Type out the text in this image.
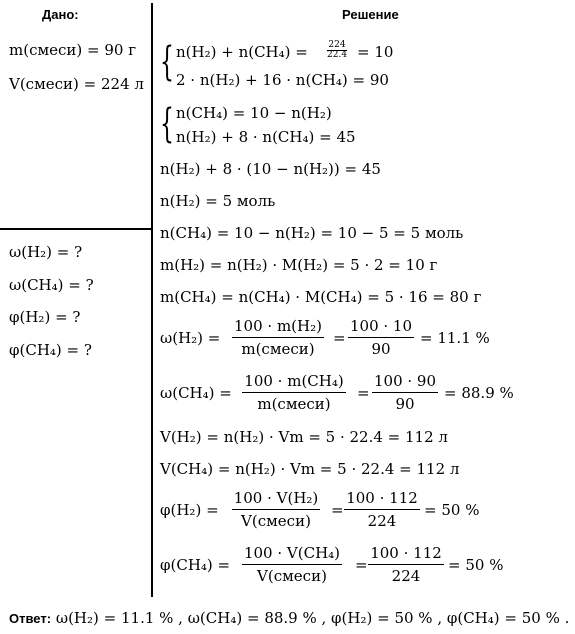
Дано:	Решение
m(смеси) = 90 г
V(смеси) = 224 л
ω(H₂) = ?
ω(CH₄) = ?
φ(H₂) = ?
φ(CH₄) = ?
{ $n(H_2) + n(CH_4) = \frac{224}{22.4} = 10$
2 · n(H₂) + 16 · n(CH₄) = 90
{ n(CH₄) = 10 − n(H₂)
n(H₂) + 8 · n(CH₄) = 45
n(H₂) + 8 · (10 − n(H₂)) = 45
n(H₂) = 5 моль
n(CH₄) = 10 − n(H₂) = 10 − 5 = 5 моль
m(H₂) = n(H₂) · M(H₂) = 5 · 2 = 10 г
m(CH₄) = n(CH₄) · M(CH₄) = 5 · 16 = 80 г
ω(H₂) =
100 · m(H₂)
m(смеси)
= $\frac{100 \cdot 10}{90} = 11.1$ %
ω(CH₄) =
100 · m(CH₄)
m(смеси)
= $\frac{100 \cdot 90}{90} = 88.9$ %
V(H₂) = n(H₂) · Vm = 5 · 22.4 = 112 л
V(CH₄) = n(H₂) · Vm = 5 · 22.4 = 112 л
φ(H₂) =
100 · V(H₂)
V(смеси)
= $\frac{100 \cdot 112}{224} = 50$ %
φ(CH₄) =
100 · V(CH₄)
V(смеси)
= $\frac{100 \cdot 112}{224} = 50$ %
Ответ: ω(H₂) = 11.1 % , ω(CH₄) = 88.9 % , φ(H₂) = 50 % , φ(CH₄) = 50 % .
